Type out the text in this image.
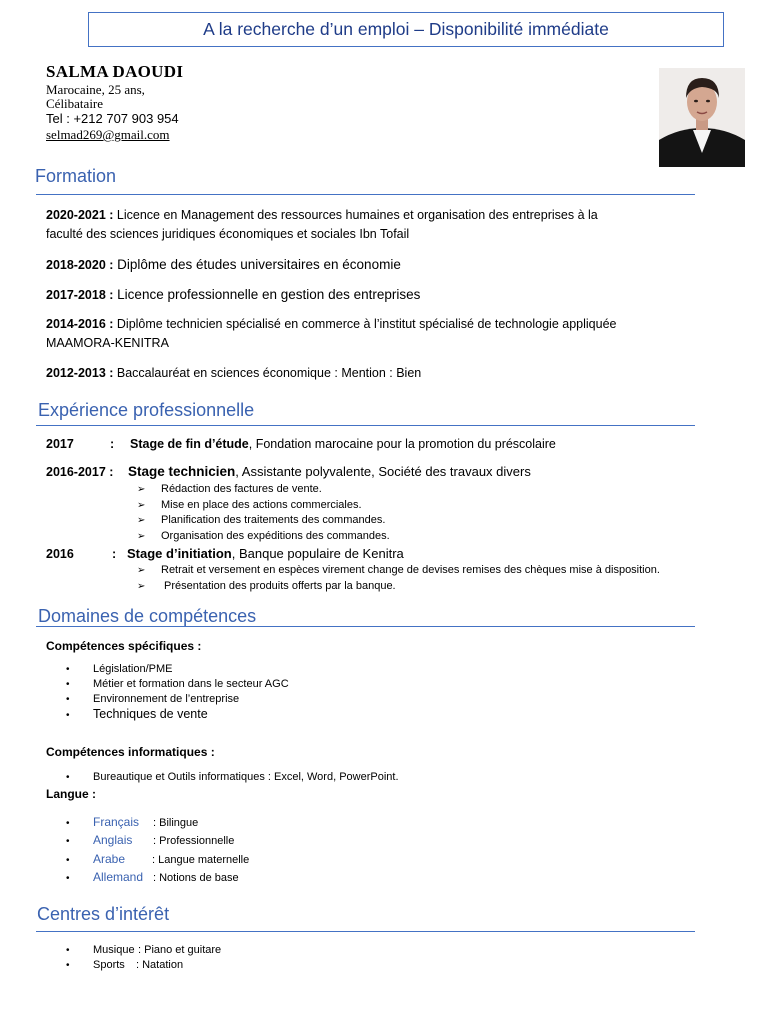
A la recherche d’un emploi – Disponibilité immédiate
SALMA DAOUDI
Marocaine, 25 ans,
Célibataire
Tel : +212 707 903 954
selmad269@gmail.com
Formation
2020-2021 : Licence en Management des ressources humaines et organisation des entreprises à la
faculté des sciences juridiques économiques et sociales Ibn Tofail
2018-2020 : Diplôme des études universitaires en économie
2017-2018 : Licence professionnelle en gestion des entreprises
2014-2016 : Diplôme technicien spécialisé en commerce à l’institut spécialisé de technologie appliquée
MAAMORA-KENITRA
2012-2013 : Baccalauréat en sciences économique : Mention : Bien
Expérience professionnelle
2017	: Stage de fin d’étude, Fondation marocaine pour la promotion du préscolaire
2016-2017 : Stage technicien, Assistante polyvalente, Société des travaux divers
➢ Rédaction des factures de vente.
➢ Mise en place des actions commerciales.
➢ Planification des traitements des commandes.
➢ Organisation des expéditions des commandes.
2016	: Stage d’initiation, Banque populaire de Kenitra
➢ Retrait et versement en espèces virement change de devises remises des chèques mise à disposition.
➢ Présentation des produits offerts par la banque.
Domaines de compétences
Compétences spécifiques :
• Législation/PME
• Métier et formation dans le secteur AGC
• Environnement de l’entreprise
• Techniques de vente
Compétences informatiques :
• Bureautique et Outils informatiques : Excel, Word, PowerPoint.
Langue :
• Français : Bilingue
• Anglais : Professionnelle
• Arabe : Langue maternelle
• Allemand : Notions de base
Centres d’intérêt
• Musique : Piano et guitare
• Sports : Natation
